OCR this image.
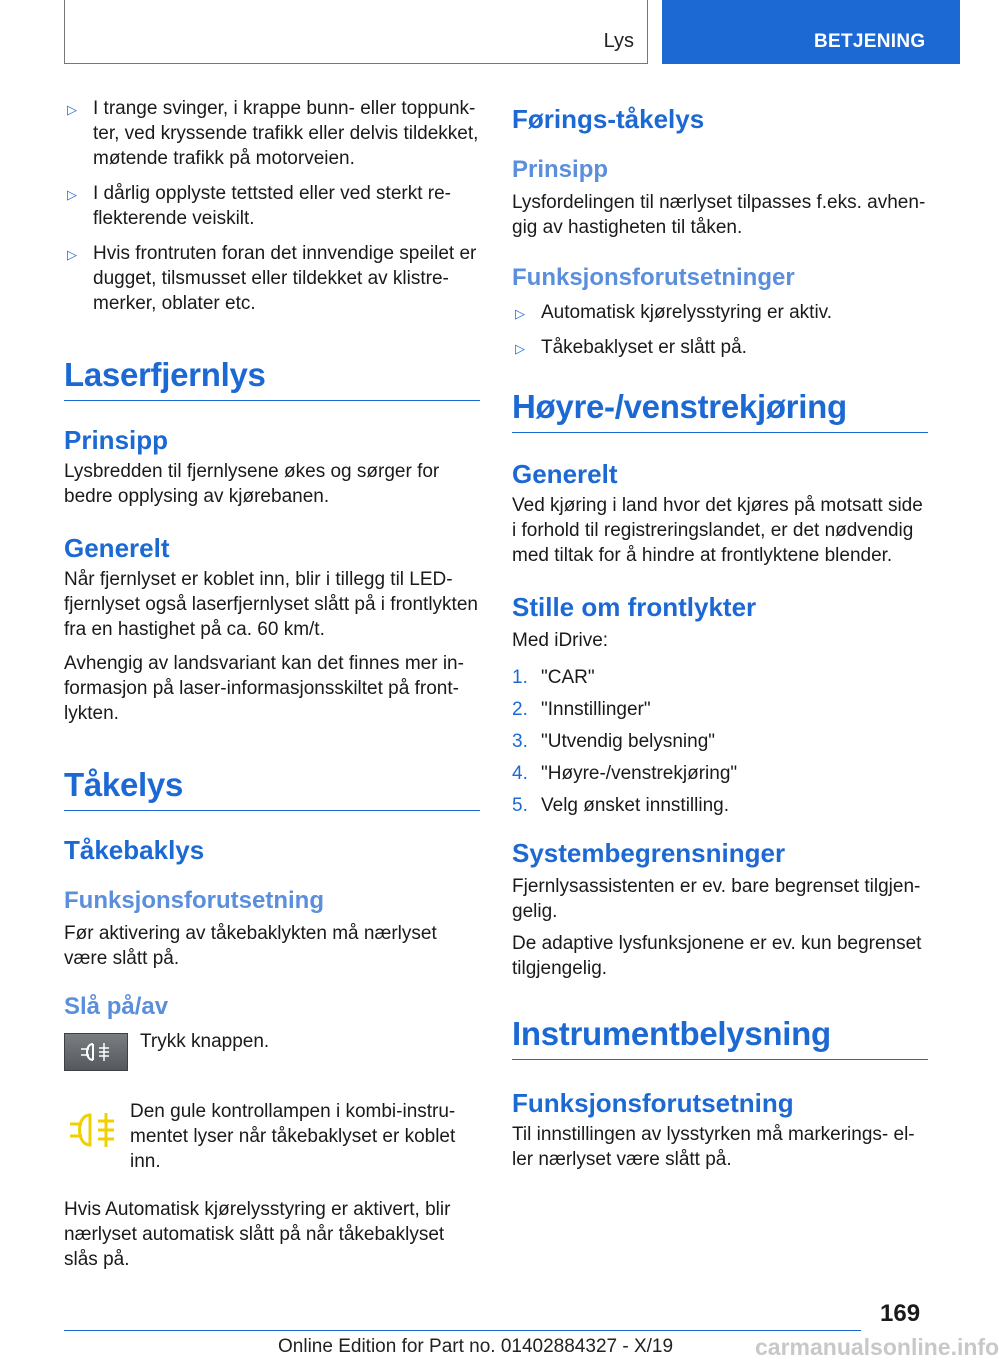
Lys	BETJENING
▷ I trange svinger, i krappe bunn- eller toppunk-ter, ved kryssende trafikk eller delvis tildekket, møtende trafikk på motorveien.
▷ I dårlig opplyste tettsted eller ved sterkt re-flekterende veiskilt.
▷ Hvis frontruten foran det innvendige speilet er dugget, tilsmusset eller tildekket av klistre-merker, oblater etc.
Laserfjernlys
Prinsipp

Lysbredden til fjernlysene økes og sørger for bedre opplysing av kjørebanen.

Generelt

Når fjernlyset er koblet inn, blir i tillegg til LED-fjernlyset også laserfjernlyset slått på i frontlykten fra en hastighet på ca. 60 km/t.

Avhengig av landsvariant kan det finnes mer in-formasjon på laser-informasjonsskiltet på front-lykten.

Tåkelys
Tåkebaklys
Funksjonsforutsetning

Før aktivering av tåkebaklykten må nærlyset være slått på.

Slå på/av

Trykk knappen.

Den gule kontrollampen i kombi-instru-mentet lyser når tåkebaklyset er koblet inn.

Hvis Automatisk kjørelysstyring er aktivert, blir nærlyset automatisk slått på når tåkebaklyset slås på.

Førings-tåkelys
Prinsipp

Lysfordelingen til nærlyset tilpasses f.eks. avhen-gig av hastigheten til tåken.

Funksjonsforutsetninger
▷ Automatisk kjørelysstyring er aktiv.
▷ Tåkebaklyset er slått på.
Høyre-/venstrekjøring
Generelt

Ved kjøring i land hvor det kjøres på motsatt side i forhold til registreringslandet, er det nødvendig med tiltak for å hindre at frontlyktene blender.

Stille om frontlykter

Med iDrive:

1. "CAR"
2. "Innstillinger"
3. "Utvendig belysning"
4. "Høyre-/venstrekjøring"
5. Velg ønsket innstilling.
Systembegrensninger

Fjernlysassistenten er ev. bare begrenset tilgjen-gelig.

De adaptive lysfunksjonene er ev. kun begrenset tilgjengelig.

Instrumentbelysning
Funksjonsforutsetning

Til innstillingen av lysstyrken må markerings- el-ler nærlyset være slått på.

169
Online Edition for Part no. 01402884327 - X/19	carmanualsonline.info
